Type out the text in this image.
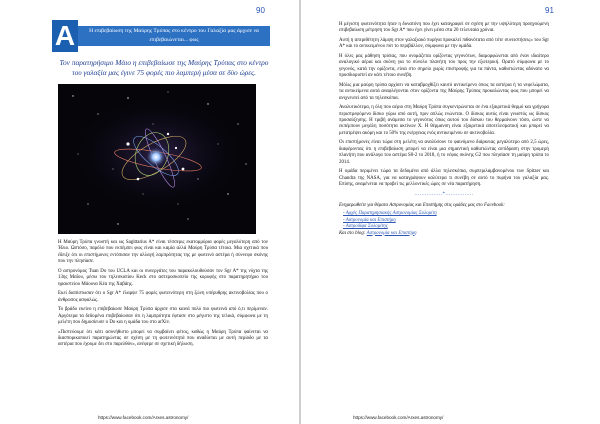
90
A	Η επιβεβαίωση της Μαύρης Τρύπας στο κέντρο του Γαλαξία μας άρχισε να επιβεβαιώνεται... φως
Τον παρατηρήσιμο Μάιο η επιβεβαίωσε της Μαύρης Τρύπας στο κέντρο του γαλαξία μας έγινε 75 φορές πιο λαμπερή μέσα σε δύο ώρες.

Η Μαύρη Τρύπα γνωστή και ως Sagittarius A* είναι τέσσερις εκατομμύρια φορές μεγαλύτερη από τον Ήλιο. Ωστόσο, παρόλο που εκπέμπει φως είναι και καμία αλλά Μαύρη Τρύπα τέτοια. Μια σχετικά που έδειξε ότι οι επιστήμονες εντόπισαν την αλλαγή λαμπρότητας της με φωτεινό αστέρα ή σύννεφο σκόνης που την πλησίασε.

Ο αστρονόμος Tuan Do του UCLA και οι συνεργάτες του παρακολουθούσαν τον Sgr A* της νύχτα της 13ης Μαΐου, μέσω του τηλεσκοπίου Keck στο αστεροσκοπείο της κορυφής στο παρατηρητήριο του ηφαιστείου Μάουνα Κέα της Χαβάης.

Εκεί διαπίστωσαν ότι ο Sgr A* έλαμψε 75 φορές φωτεινότερη στη ζώνη υπέρυθρης ακτινοβολίας που ο άνθρωπος ασφαλώς.

Το βράδυ εκείνο η επιβεβαίωσε Μαύρη Τρύπα άρχισε στα καινά πολύ πιο φωτεινά από ό,τι περίμεναν. Αργότερα τα δεδομένα επιβεβαίωσαν ότι η λαμπρότητα έφτασε στο μέγιστο της τελικά, σύμφωνα με τη μελέτη που δημοσίευσε ο Do και η ομάδα του στο arXiv.

«Πιστεύουμε ότι κάτι ασυνήθιστο μπορεί να συμβαίνει φέτος, καθώς η Μαύρη Τρύπα φαίνεται να διασπορικοποιεί παρατηρώντας σε σχέση με τη φωτεινότητά που αναδύεται με αυτή περίοδο με τα αστέρια που έχουμε δει στο παρελθόν», ανέφερε σε σχετική δήλωση.

https://www.facebook.com/Arxes.astronomy/
91

Η μέγιστη φωτεινότητα ήταν η δυνατόνη που έχει καταγραφεί σε σχέση με την υψηλότερη προηγούμενη επιβεβαίωση μέτρηση του Sgr A* που έχει γίνει μέσα στα 20 τελευταία χρόνια.

Αυτή η απεριθέτητη λάμψη στον γαλαξιακό πυρήνα προκαλεί πιθανότατα από τότε συνειστήσεις» του Sgr A* και το αντικειμένου ποτ το περιβάλλον, σύμφωνα με την ομάδα.

Η όλες μας μάθηση τρύπας, που ονομάζεται ορίζοντας γεγονότων, διαμορφώνεται από έναν ιδιαίτερο αναλογικό αέρια και σκόνη για το σύνολο πλανήτη του προς την εξωτερική. Ορατό σύμφωνα με το γεγονός, κατά την ορίζοντα, είναι στο σημείο χωρίς επιστροφής για τα πάντα, καθιστώντας αδύνατο να προσδιοριστεί αν κάτι τέτοιο συνέβη.

Μόλις μια μαύρη τρύπα αρχίσει να καταβροχθίζει καυτό αντικείμενο όπως τα αστέρια ή τα νεφελώματα, τα αντικείμενα αυτά αναφλέγονται στον ορίζοντα της Μαύρης Τρύπας προκαλώντας φως που μπορεί να ανιχνευτεί από τα τηλεσκόπια.

Αναλυτικότερα, η όλη που αέριο στη Μαύρη Τρύπα συγκεντρώνεται σε ένα εξαιρετικά θερμό και γρήγορα περιστρεφόμενο δίσκο γύρω από αυτή, πριν απλώς ενώνεται. Ο δίσκος αυτός είναι γνωστός ως δίσκος προσαύξησης. Η τριβή ανάμεσα το γεγονότος όπως αυτού του δίσκου του θερμαίνουν τόσο, ώστε να εκπέμπουν μεγάλη ποσότητα ακτίνων Χ. Η θέρμανση είναι εξαιρετικά αποτελεσματική και μπορεί να μετατρέψει ακόμη και το 50% της ενέργειας ενός αντικειμένου σε ακτινοβολία.

Οι επιστήμονες είναι τώρα στη μελέτη να αναλύσουν το φαινόμενο διάρκειας μεγαλύτερο από 2,5 ώρες, διαφέροντας ότι η επιβεβαίωση μπορεί να είναι μια σημαντική καθιστώντας αντίδραση στην τρομερή πλανήτη που ανάλογα του αστέρα S0-2 το 2018, ή το νέφος σκόνης G2 που πλησίασε τη μαύρη τρύπα το 2014.

Η ομάδα περιμένει τώρα τα δεδομένα από άλλα τηλεσκόπια, συμπεριλαμβανομένου των Spitzer και Chandra της NASA, για να καταγράψουν καλύτερα τι συνέβη σε αυτό το πυρήνα του γαλαξία μας. Επίσης, αναμένεται να προβεί τις μελλοντικές ώρες σε νέα παρατήρηση.

................*................
Ενημερωθείτε για θέματα Αστρονομίας και Επιστήμης στις ομάδες μας στο Facebook:
- Αρχές Παρατηρησιακής Αστρονομίας Σολομίτη
- Αστρονομία και Επιστήμη
- Αστροδίφα Σολομίτης
Και στο blog: Αστρονομία και Επιστήμη
https://www.facebook.com/Arxes.astronomy/
